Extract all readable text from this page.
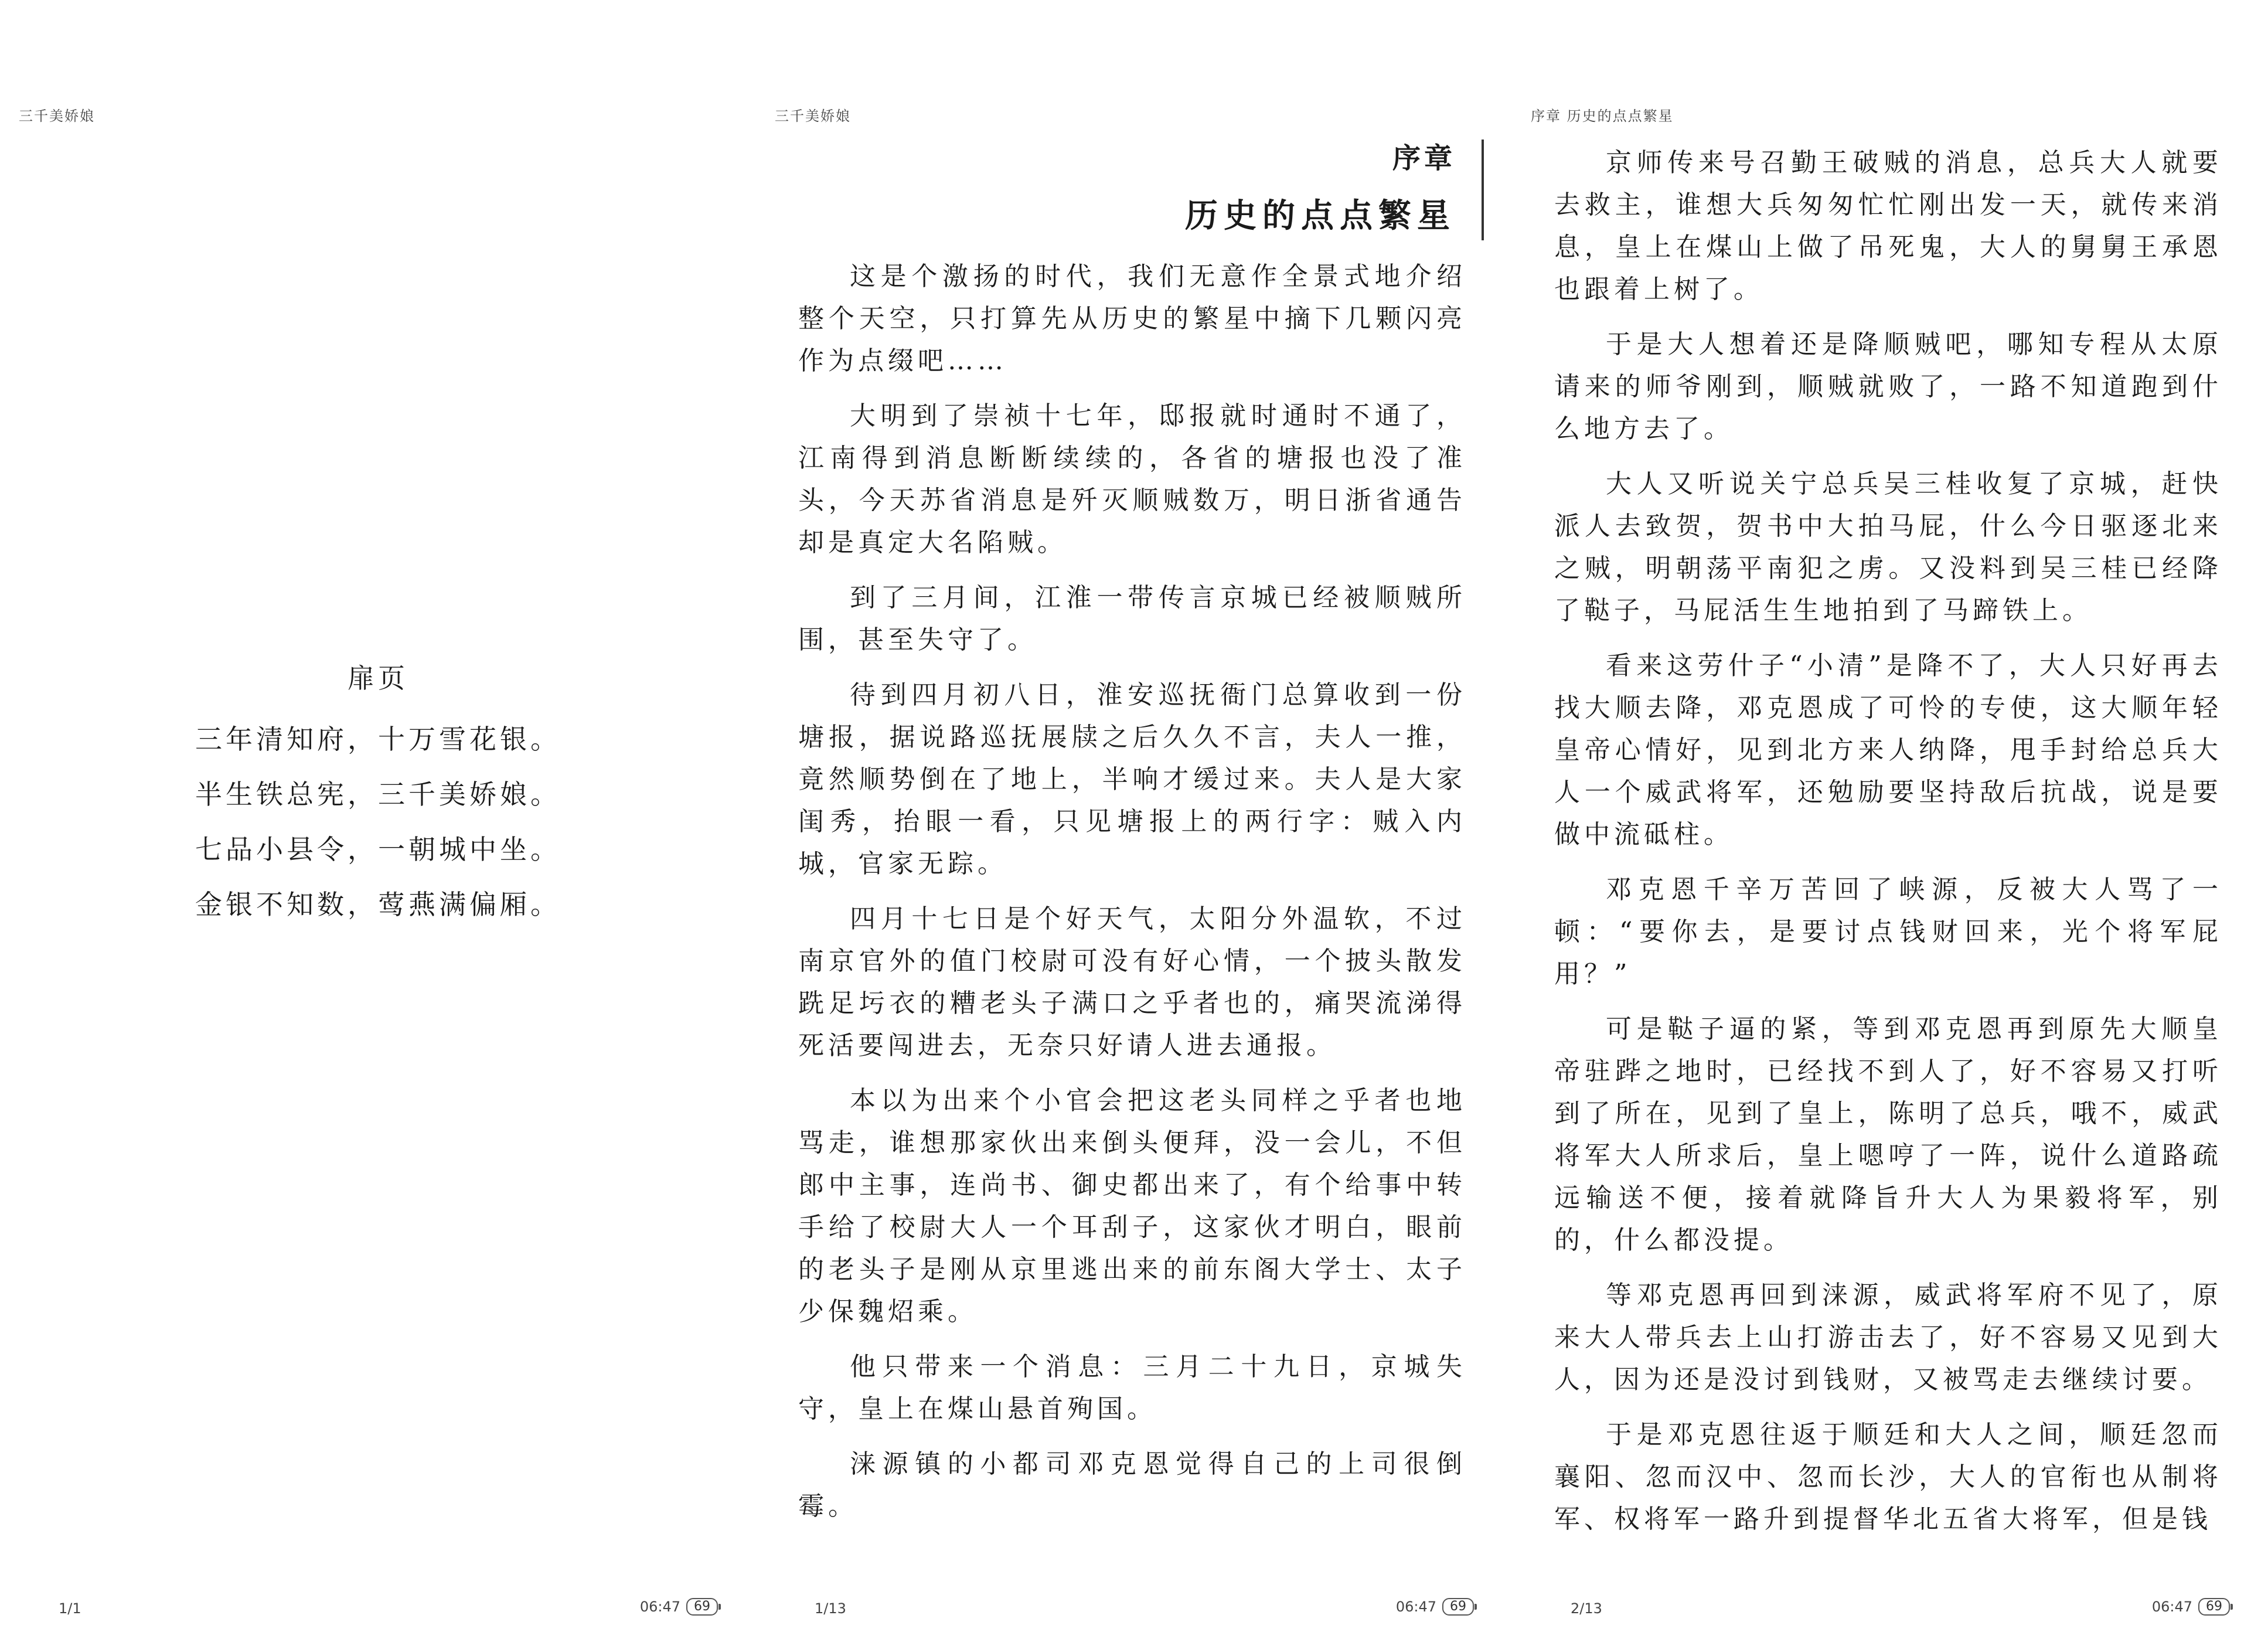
三千美娇娘
扉页
三年清知府，十万雪花银。
半生铁总宪，三千美娇娘。
七品小县令，一朝城中坐。
金银不知数，莺燕满偏厢。
1/1	06:47	69
三千美娇娘
序章
历史的点点繁星

这是个激扬的时代，我们无意作全景式地介绍整个天空，只打算先从历史的繁星中摘下几颗闪亮作为点缀吧……

大明到了崇祯十七年，邸报就时通时不通了，江南得到消息断断续续的，各省的塘报也没了准头，今天苏省消息是歼灭顺贼数万，明日浙省通告却是真定大名陷贼。

到了三月间，江淮一带传言京城已经被顺贼所围，甚至失守了。

待到四月初八日，淮安巡抚衙门总算收到一份塘报，据说路巡抚展牍之后久久不言，夫人一推，竟然顺势倒在了地上，半响才缓过来。夫人是大家闺秀，抬眼一看，只见塘报上的两行字：贼入内城，官家无踪。

四月十七日是个好天气，太阳分外温软，不过南京官外的值门校尉可没有好心情，一个披头散发跣足圬衣的糟老头子满口之乎者也的，痛哭流涕得死活要闯进去，无奈只好请人进去通报。

本以为出来个小官会把这老头同样之乎者也地骂走，谁想那家伙出来倒头便拜，没一会儿，不但郎中主事，连尚书、御史都出来了，有个给事中转手给了校尉大人一个耳刮子，这家伙才明白，眼前的老头子是刚从京里逃出来的前东阁大学士、太子少保魏炤乘。

他只带来一个消息：三月二十九日，京城失守，皇上在煤山悬首殉国。

涞源镇的小都司邓克恩觉得自己的上司很倒霉。

1/13	06:47	69
序章 历史的点点繁星

京师传来号召勤王破贼的消息，总兵大人就要去救主，谁想大兵匆匆忙忙刚出发一天，就传来消息，皇上在煤山上做了吊死鬼，大人的舅舅王承恩也跟着上树了。

于是大人想着还是降顺贼吧，哪知专程从太原请来的师爷刚到，顺贼就败了，一路不知道跑到什么地方去了。

大人又听说关宁总兵吴三桂收复了京城，赶快派人去致贺，贺书中大拍马屁，什么今日驱逐北来之贼，明朝荡平南犯之虏。又没料到吴三桂已经降了鞑子，马屁活生生地拍到了马蹄铁上。

看来这劳什子“小清”是降不了，大人只好再去找大顺去降，邓克恩成了可怜的专使，这大顺年轻皇帝心情好，见到北方来人纳降，甩手封给总兵大人一个威武将军，还勉励要坚持敌后抗战，说是要做中流砥柱。

邓克恩千辛万苦回了峡源，反被大人骂了一顿：“要你去，是要讨点钱财回来，光个将军屁用？”

可是鞑子逼的紧，等到邓克恩再到原先大顺皇帝驻跸之地时，已经找不到人了，好不容易又打听到了所在，见到了皇上，陈明了总兵，哦不，威武将军大人所求后，皇上嗯哼了一阵，说什么道路疏远输送不便，接着就降旨升大人为果毅将军，别的，什么都没提。

等邓克恩再回到涞源，威武将军府不见了，原来大人带兵去上山打游击去了，好不容易又见到大人，因为还是没讨到钱财，又被骂走去继续讨要。

于是邓克恩往返于顺廷和大人之间，顺廷忽而襄阳、忽而汉中、忽而长沙，大人的官衔也从制将军、权将军一路升到提督华北五省大将军，但是钱

2/13	06:47	69
